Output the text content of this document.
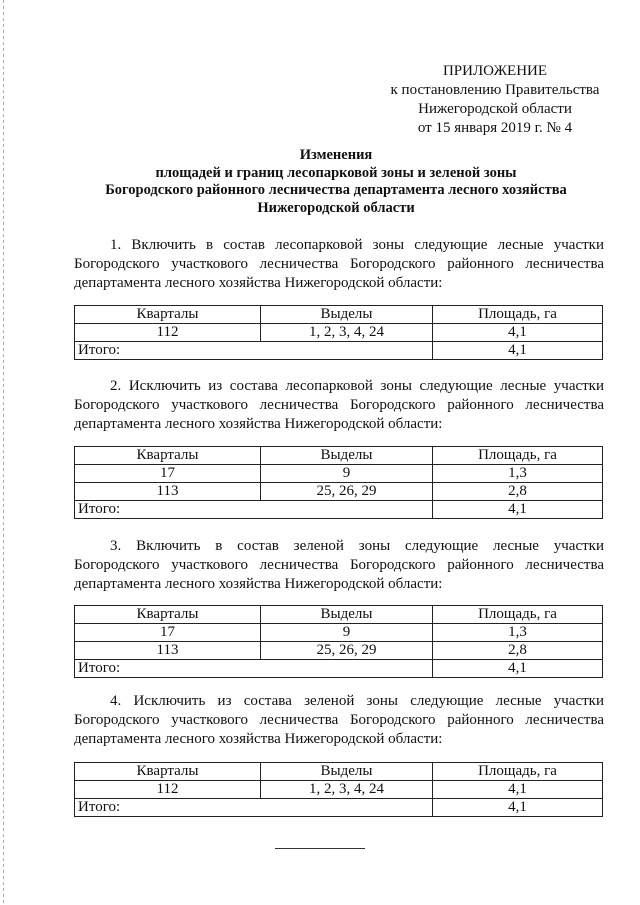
ПРИЛОЖЕНИЕ
к постановлению Правительства
Нижегородской области
от 15 января 2019 г. № 4
Изменения
площадей и границ лесопарковой зоны и зеленой зоны
Богородского районного лесничества департамента лесного хозяйства
Нижегородской области
1. Включить в состав лесопарковой зоны следующие лесные участки Богородского участкового лесничества Богородского районного лесничества департамента лесного хозяйства Нижегородской области:
Кварталы	Выделы	Площадь, га
112	1, 2, 3, 4, 24	4,1
Итого:		4,1
2. Исключить из состава лесопарковой зоны следующие лесные участки Богородского участкового лесничества Богородского районного лесничества департамента лесного хозяйства Нижегородской области:
Кварталы	Выделы	Площадь, га
17	9	1,3
113	25, 26, 29	2,8
Итого:		4,1
3. Включить в состав зеленой зоны следующие лесные участки Богородского участкового лесничества Богородского районного лесничества департамента лесного хозяйства Нижегородской области:
Кварталы	Выделы	Площадь, га
17	9	1,3
113	25, 26, 29	2,8
Итого:		4,1
4. Исключить из состава зеленой зоны следующие лесные участки Богородского участкового лесничества Богородского районного лесничества департамента лесного хозяйства Нижегородской области:
Кварталы	Выделы	Площадь, га
112	1, 2, 3, 4, 24	4,1
Итого:		4,1
